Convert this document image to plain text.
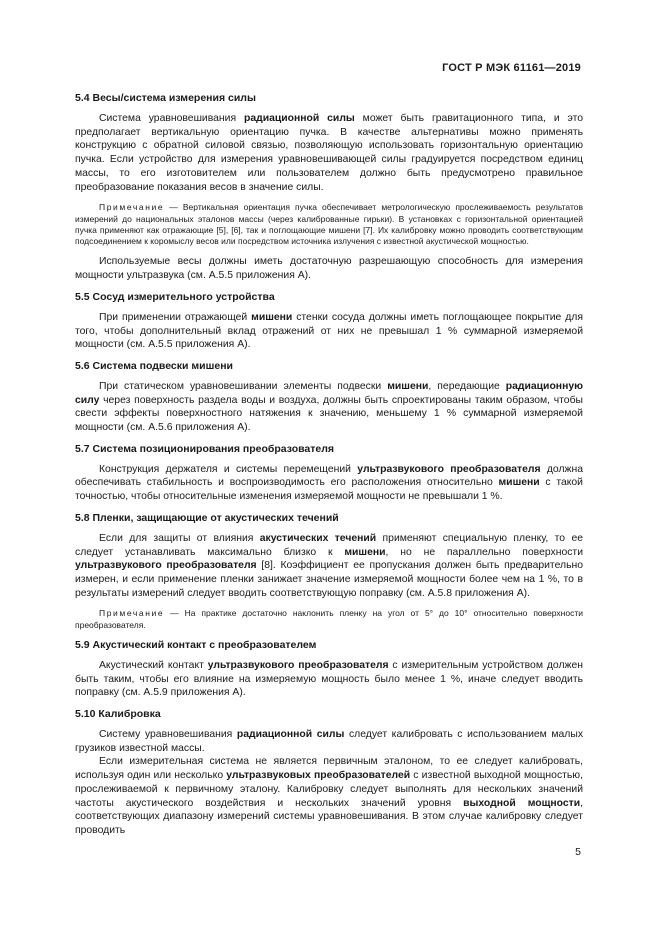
ГОСТ Р МЭК 61161—2019
5.4 Весы/система измерения силы

Система уравновешивания радиационной силы может быть гравитационного типа, и это предполагает вертикальную ориентацию пучка. В качестве альтернативы можно применять конструкцию с обратной силовой связью, позволяющую использовать горизонтальную ориентацию пучка. Если устройство для измерения уравновешивающей силы градуируется посредством единиц массы, то его изготовителем или пользователем должно быть предусмотрено правильное преобразование показания весов в значение силы.

Примечание — Вертикальная ориентация пучка обеспечивает метрологическую прослеживаемость результатов измерений до национальных эталонов массы (через калиброванные гирьки). В установках с горизонтальной ориентацией пучка применяют как отражающие [5], [6], так и поглощающие мишени [7]. Их калибровку можно проводить соответствующим подсоединением к коромыслу весов или посредством источника излучения с известной акустической мощностью.

Используемые весы должны иметь достаточную разрешающую способность для измерения мощности ультразвука (см. А.5.5 приложения А).

5.5 Сосуд измерительного устройства

При применении отражающей мишени стенки сосуда должны иметь поглощающее покрытие для того, чтобы дополнительный вклад отражений от них не превышал 1 % суммарной измеряемой мощности (см. А.5.5 приложения А).

5.6 Система подвески мишени

При статическом уравновешивании элементы подвески мишени, передающие радиационную силу через поверхность раздела воды и воздуха, должны быть спроектированы таким образом, чтобы свести эффекты поверхностного натяжения к значению, меньшему 1 % суммарной измеряемой мощности (см. А.5.6 приложения А).

5.7 Система позиционирования преобразователя

Конструкция держателя и системы перемещений ультразвукового преобразователя должна обеспечивать стабильность и воспроизводимость его расположения относительно мишени с такой точностью, чтобы относительные изменения измеряемой мощности не превышали 1 %.

5.8 Пленки, защищающие от акустических течений

Если для защиты от влияния акустических течений применяют специальную пленку, то ее следует устанавливать максимально близко к мишени, но не параллельно поверхности ультразвукового преобразователя [8]. Коэффициент ее пропускания должен быть предварительно измерен, и если применение пленки занижает значение измеряемой мощности более чем на 1 %, то в результаты измерений следует вводить соответствующую поправку (см. А.5.8 приложения А).

Примечание — На практике достаточно наклонить пленку на угол от 5° до 10° относительно поверхности преобразователя.

5.9 Акустический контакт с преобразователем

Акустический контакт ультразвукового преобразователя с измерительным устройством должен быть таким, чтобы его влияние на измеряемую мощность было менее 1 %, иначе следует вводить поправку (см. А.5.9 приложения А).

5.10 Калибровка

Систему уравновешивания радиационной силы следует калибровать с использованием малых грузиков известной массы.

Если измерительная система не является первичным эталоном, то ее следует калибровать, используя один или несколько ультразвуковых преобразователей с известной выходной мощностью, прослеживаемой к первичному эталону. Калибровку следует выполнять для нескольких значений частоты акустического воздействия и нескольких значений уровня выходной мощности, соответствующих диапазону измерений системы уравновешивания. В этом случае калибровку следует проводить

5
